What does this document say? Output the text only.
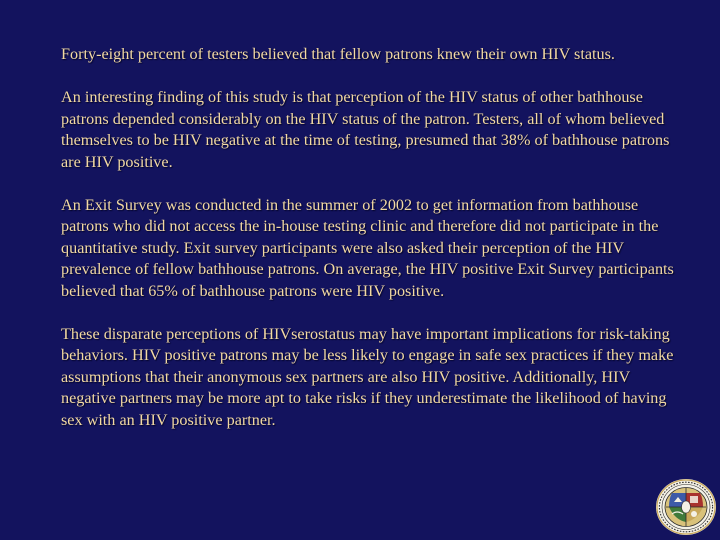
Forty-eight percent of testers believed that fellow patrons knew their own HIV status.

An interesting finding of this study is that perception of the HIV status of other bathhouse patrons depended considerably on the HIV status of the patron. Testers, all of whom believed themselves to be HIV negative at the time of testing, presumed that 38% of bathhouse patrons are HIV positive.

An Exit Survey was conducted in the summer of 2002 to get information from bathhouse patrons who did not access the in-house testing clinic and therefore did not participate in the quantitative study. Exit survey participants were also asked their perception of the HIV prevalence of fellow bathhouse patrons. On average, the HIV positive Exit Survey participants believed that 65% of bathhouse patrons were HIV positive.

These disparate perceptions of HIVserostatus may have important implications for risk-taking behaviors. HIV positive patrons may be less likely to engage in safe sex practices if they make assumptions that their anonymous sex partners are also HIV positive. Additionally, HIV negative partners may be more apt to take risks if they underestimate the likelihood of having sex with an HIV positive partner.
